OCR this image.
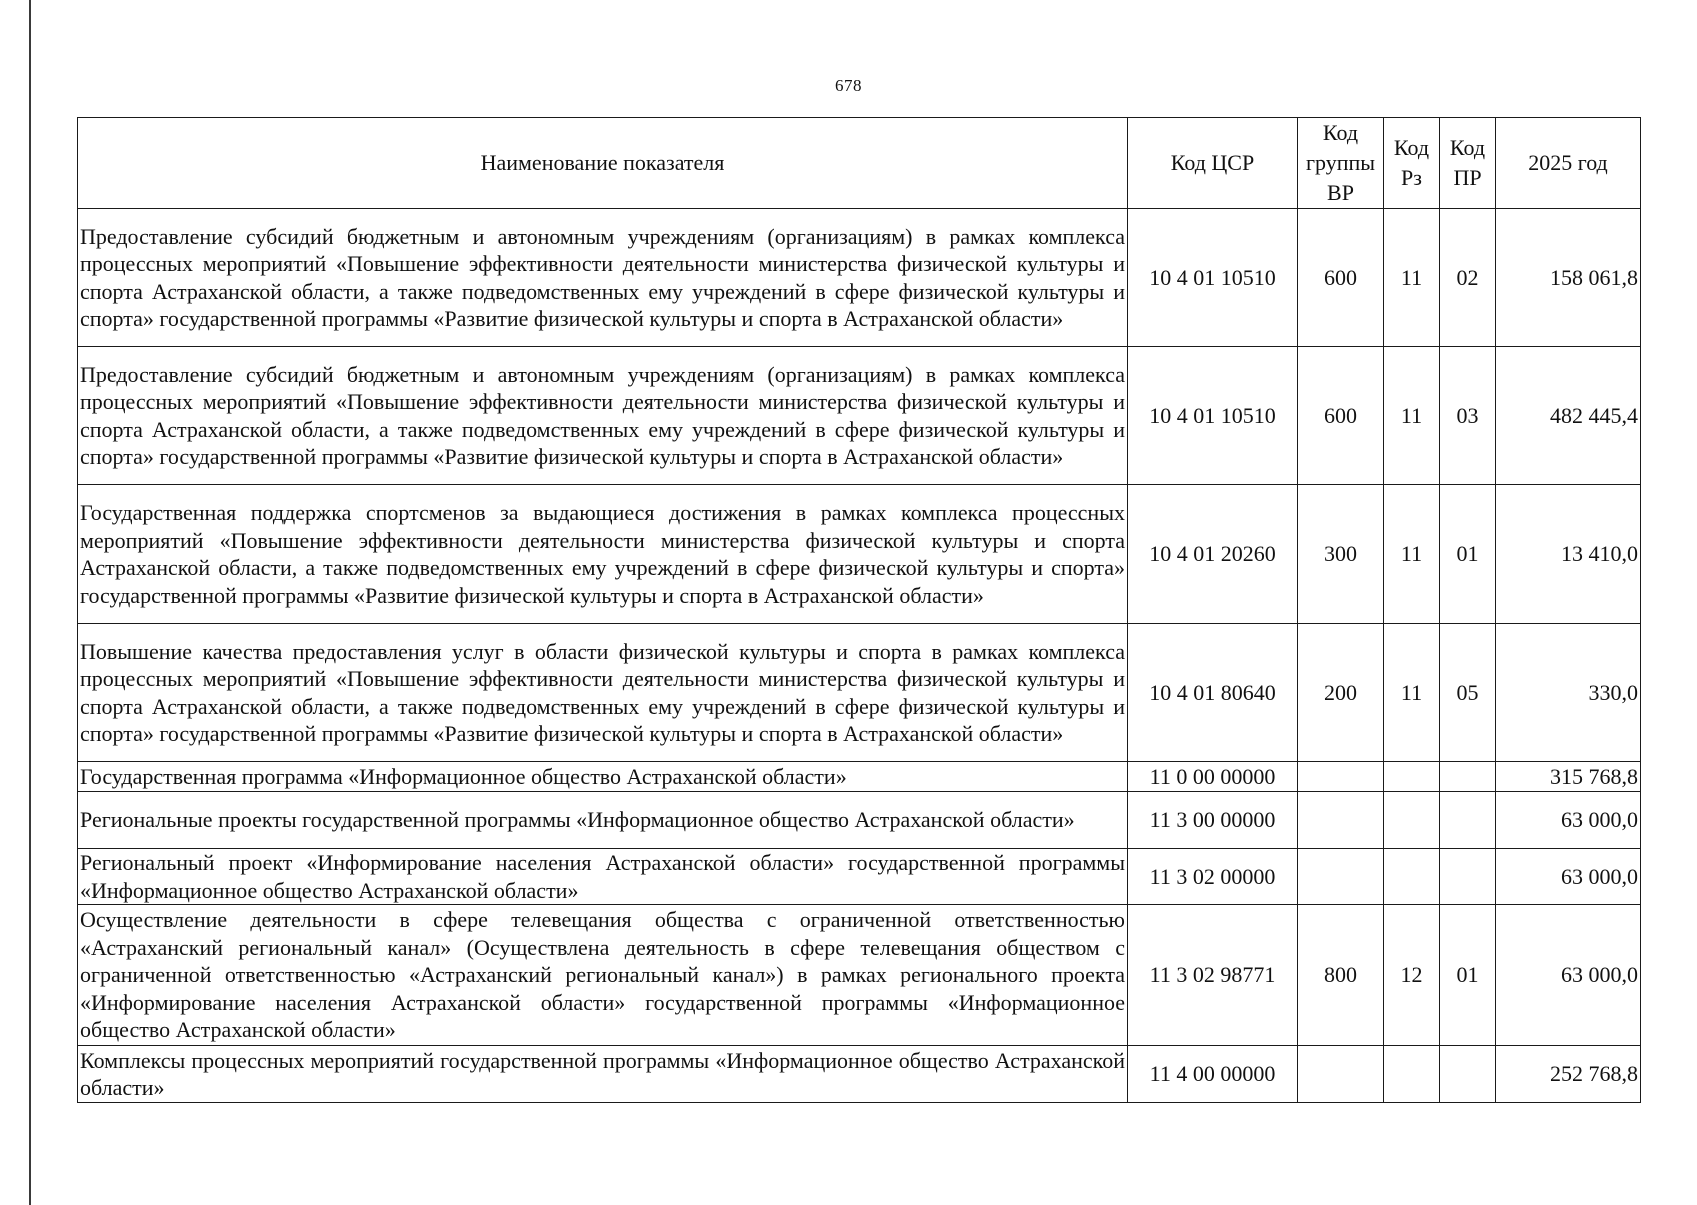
678
Наименование показателя	Код ЦСР	Код группы ВР	Код Рз	Код ПР	2025 год
Предоставление субсидий бюджетным и автономным учреждениям (организациям) в рамках комплекса процессных мероприятий «Повышение эффективности деятельности министерства физической культуры и спорта Астраханской области, а также подведомственных ему учреждений в сфере физической культуры и спорта» государственной программы «Развитие физической культуры и спорта в Астраханской области»	10 4 01 10510	600	11	02	158 061,8
Предоставление субсидий бюджетным и автономным учреждениям (организациям) в рамках комплекса процессных мероприятий «Повышение эффективности деятельности министерства физической культуры и спорта Астраханской области, а также подведомственных ему учреждений в сфере физической культуры и спорта» государственной программы «Развитие физической культуры и спорта в Астраханской области»	10 4 01 10510	600	11	03	482 445,4
Государственная поддержка спортсменов за выдающиеся достижения в рамках комплекса процессных мероприятий «Повышение эффективности деятельности министерства физической культуры и спорта Астраханской области, а также подведомственных ему учреждений в сфере физической культуры и спорта» государственной программы «Развитие физической культуры и спорта в Астраханской области»	10 4 01 20260	300	11	01	13 410,0
Повышение качества предоставления услуг в области физической культуры и спорта в рамках комплекса процессных мероприятий «Повышение эффективности деятельности министерства физической культуры и спорта Астраханской области, а также подведомственных ему учреждений в сфере физической культуры и спорта» государственной программы «Развитие физической культуры и спорта в Астраханской области»	10 4 01 80640	200	11	05	330,0
Государственная программа «Информационное общество Астраханской области»	11 0 00 00000				315 768,8
Региональные проекты государственной программы «Информационное общество Астраханской области»	11 3 00 00000				63 000,0
Региональный проект «Информирование населения Астраханской области» государственной программы «Информационное общество Астраханской области»	11 3 02 00000				63 000,0
Осуществление деятельности в сфере телевещания общества с ограниченной ответственностью «Астраханский региональный канал» (Осуществлена деятельность в сфере телевещания обществом с ограниченной ответственностью «Астраханский региональный канал») в рамках регионального проекта «Информирование населения Астраханской области» государственной программы «Информационное общество Астраханской области»	11 3 02 98771	800	12	01	63 000,0
Комплексы процессных мероприятий государственной программы «Информационное общество Астраханской области»	11 4 00 00000				252 768,8
